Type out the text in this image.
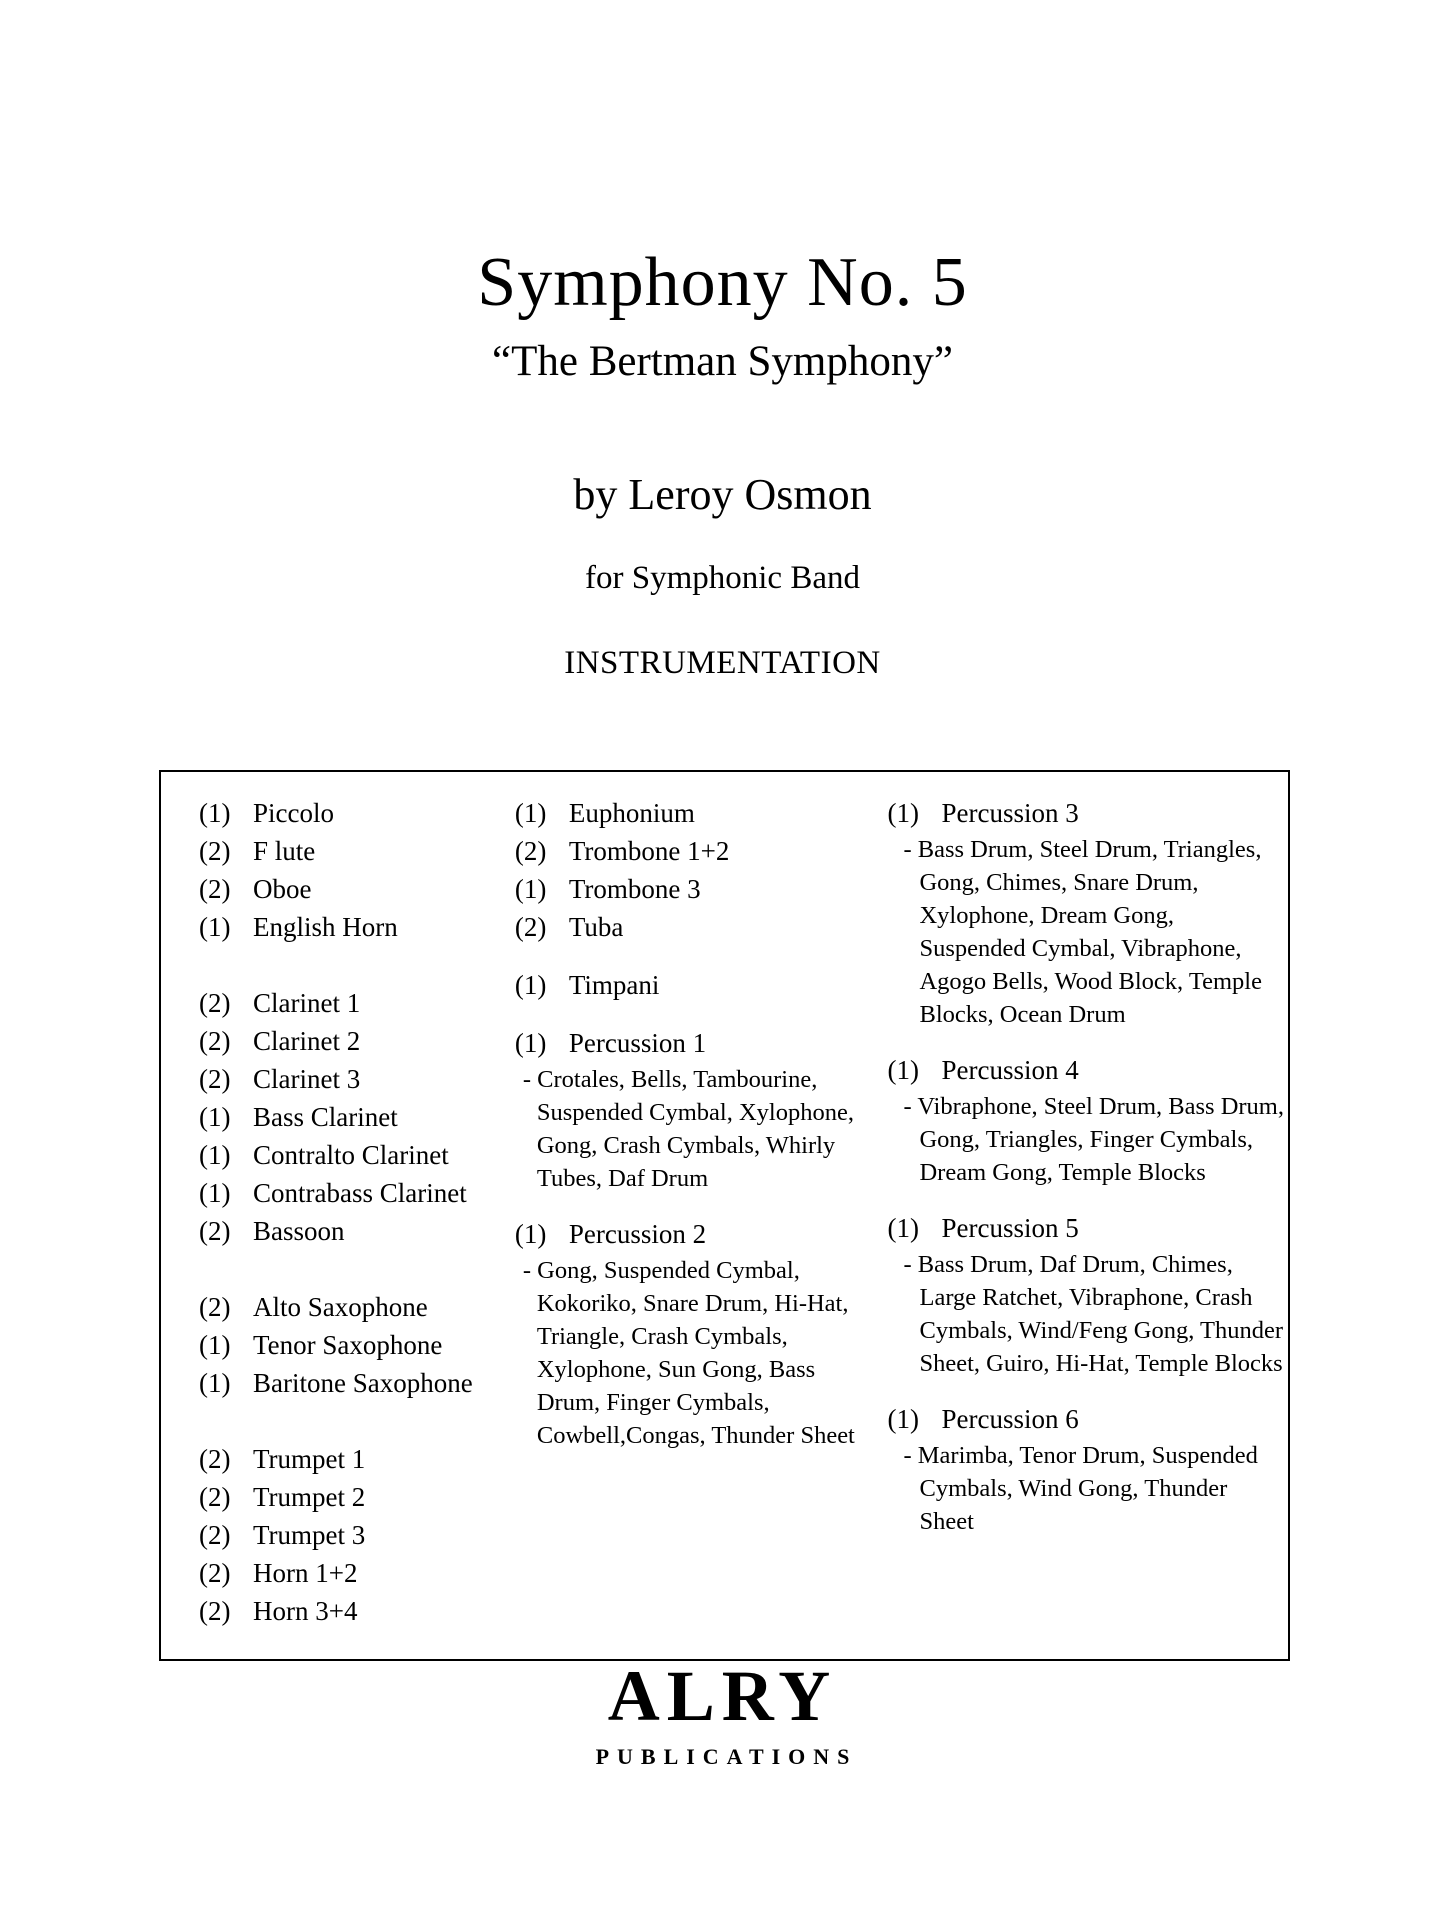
Symphony No. 5
“The Bertman Symphony”
by Leroy Osmon
for Symphonic Band
INSTRUMENTATION
(1) Piccolo
(2) F lute
(2) Oboe
(1) English Horn
(2) Clarinet 1
(2) Clarinet 2
(2) Clarinet 3
(1) Bass Clarinet
(1) Contralto Clarinet
(1) Contrabass Clarinet
(2) Bassoon
(2) Alto Saxophone
(1) Tenor Saxophone
(1) Baritone Saxophone
(2) Trumpet 1
(2) Trumpet 2
(2) Trumpet 3
(2) Horn 1+2
(2) Horn 3+4
(1) Euphonium
(2) Trombone 1+2
(1) Trombone 3
(2) Tuba
(1) Timpani
(1) Percussion 1
- Crotales, Bells, Tambourine, Suspended Cymbal, Xylophone, Gong, Crash Cymbals, Whirly Tubes, Daf Drum
(1) Percussion 2
- Gong, Suspended Cymbal, Kokoriko, Snare Drum, Hi-Hat, Triangle, Crash Cymbals, Xylophone, Sun Gong, Bass Drum, Finger Cymbals, Cowbell,Congas, Thunder Sheet
(1) Percussion 3
- Bass Drum, Steel Drum, Triangles, Gong, Chimes, Snare Drum, Xylophone, Dream Gong, Suspended Cymbal, Vibraphone, Agogo Bells, Wood Block, Temple Blocks, Ocean Drum
(1) Percussion 4
- Vibraphone, Steel Drum, Bass Drum, Gong, Triangles, Finger Cymbals, Dream Gong, Temple Blocks
(1) Percussion 5
- Bass Drum, Daf Drum, Chimes, Large Ratchet, Vibraphone, Crash Cymbals, Wind/Feng Gong, Thunder Sheet, Guiro, Hi-Hat, Temple Blocks
(1) Percussion 6
- Marimba, Tenor Drum, Suspended Cymbals, Wind Gong, Thunder Sheet
ALRY
PUBLICATIONS
